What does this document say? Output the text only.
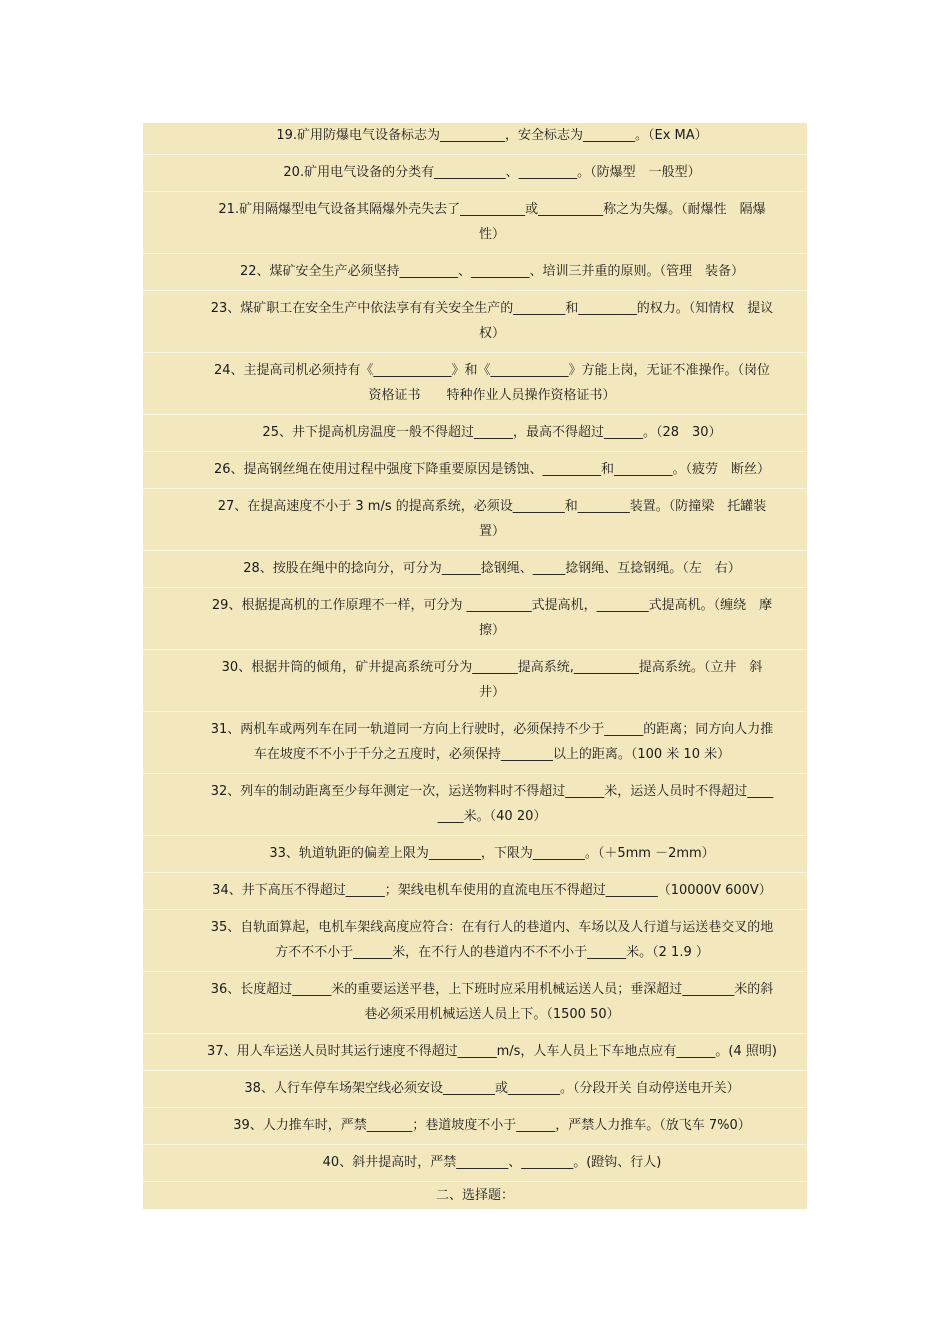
19.矿用防爆电气设备标志为__________，安全标志为________。（Ex MA）
20.矿用电气设备的分类有___________、_________。（防爆型　一般型）
21.矿用隔爆型电气设备其隔爆外壳失去了__________或__________称之为失爆。（耐爆性　隔爆
性）
22、煤矿安全生产必须坚持_________、_________、培训三并重的原则。（管理　装备）
23、煤矿职工在安全生产中依法享有有关安全生产的________和_________的权力。（知情权　提议
权）
24、主提高司机必须持有《____________》和《____________》方能上岗，无证不准操作。（岗位
资格证书　　特种作业人员操作资格证书）
25、井下提高机房温度一般不得超过______，最高不得超过______。（28　30）
26、提高钢丝绳在使用过程中强度下降重要原因是锈蚀、_________和_________。（疲劳　断丝）
27、在提高速度不小于 3 m/s 的提高系统，必须设________和________装置。（防撞梁　托罐装
置）
28、按股在绳中的捻向分，可分为______捻钢绳、_____捻钢绳、互捻钢绳。（左　右）
29、根据提高机的工作原理不一样，可分为 __________式提高机，________式提高机。（缠绕　摩
擦）
30、根据井筒的倾角，矿井提高系统可分为_______提高系统,__________提高系统。（立井　斜
井）
31、两机车或两列车在同一轨道同一方向上行驶时，必须保持不少于______的距离；同方向人力推
车在坡度不不小于千分之五度时，必须保持________以上的距离。（100 米 10 米）
32、列车的制动距离至少每年测定一次，运送物料时不得超过______米，运送人员时不得超过____
____米。（40 20）
33、轨道轨距的偏差上限为________，下限为________。（＋5mm －2mm）
34、井下高压不得超过______；架线电机车使用的直流电压不得超过________（10000V 600V）
35、自轨面算起，电机车架线高度应符合：在有行人的巷道内、车场以及人行道与运送巷交叉的地
方不不不小于______米，在不行人的巷道内不不不小于______米。（2 1.9 ）
36、长度超过______米的重要运送平巷，上下班时应采用机械运送人员；垂深超过________米的斜
巷必须采用机械运送人员上下。（1500 50）
37、用人车运送人员时其运行速度不得超过______m/s，人车人员上下车地点应有______。(4 照明)
38、人行车停车场架空线必须安设________或________。（分段开关 自动停送电开关）
39、人力推车时，严禁_______；巷道坡度不小于______，严禁人力推车。（放飞车 7%0）
40、斜井提高时，严禁________、________。(蹬钩、行人)
二、选择题：
